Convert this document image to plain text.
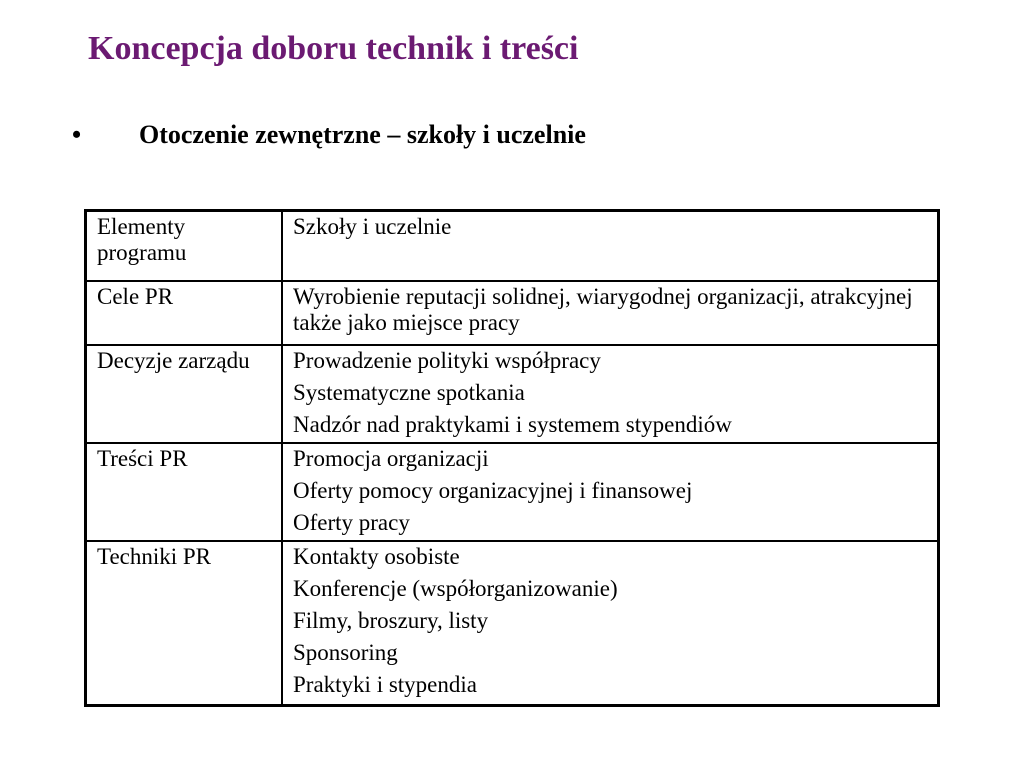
Koncepcja doboru technik i treści
• Otoczenie zewnętrzne – szkoły i uczelnie
Elementy programu	Szkoły i uczelnie

Cele PR	Wyrobienie reputacji solidnej, wiarygodnej organizacji, atrakcyjnej także jako miejsce pracy

Decyzje zarządu	Prowadzenie polityki współpracy
Systematyczne spotkania
Nadzór nad praktykami i systemem stypendiów

Treści PR	Promocja organizacji
Oferty pomocy organizacyjnej i finansowej
Oferty pracy

Techniki PR	Kontakty osobiste
Konferencje (współorganizowanie)
Filmy, broszury, listy
Sponsoring
Praktyki i stypendia
